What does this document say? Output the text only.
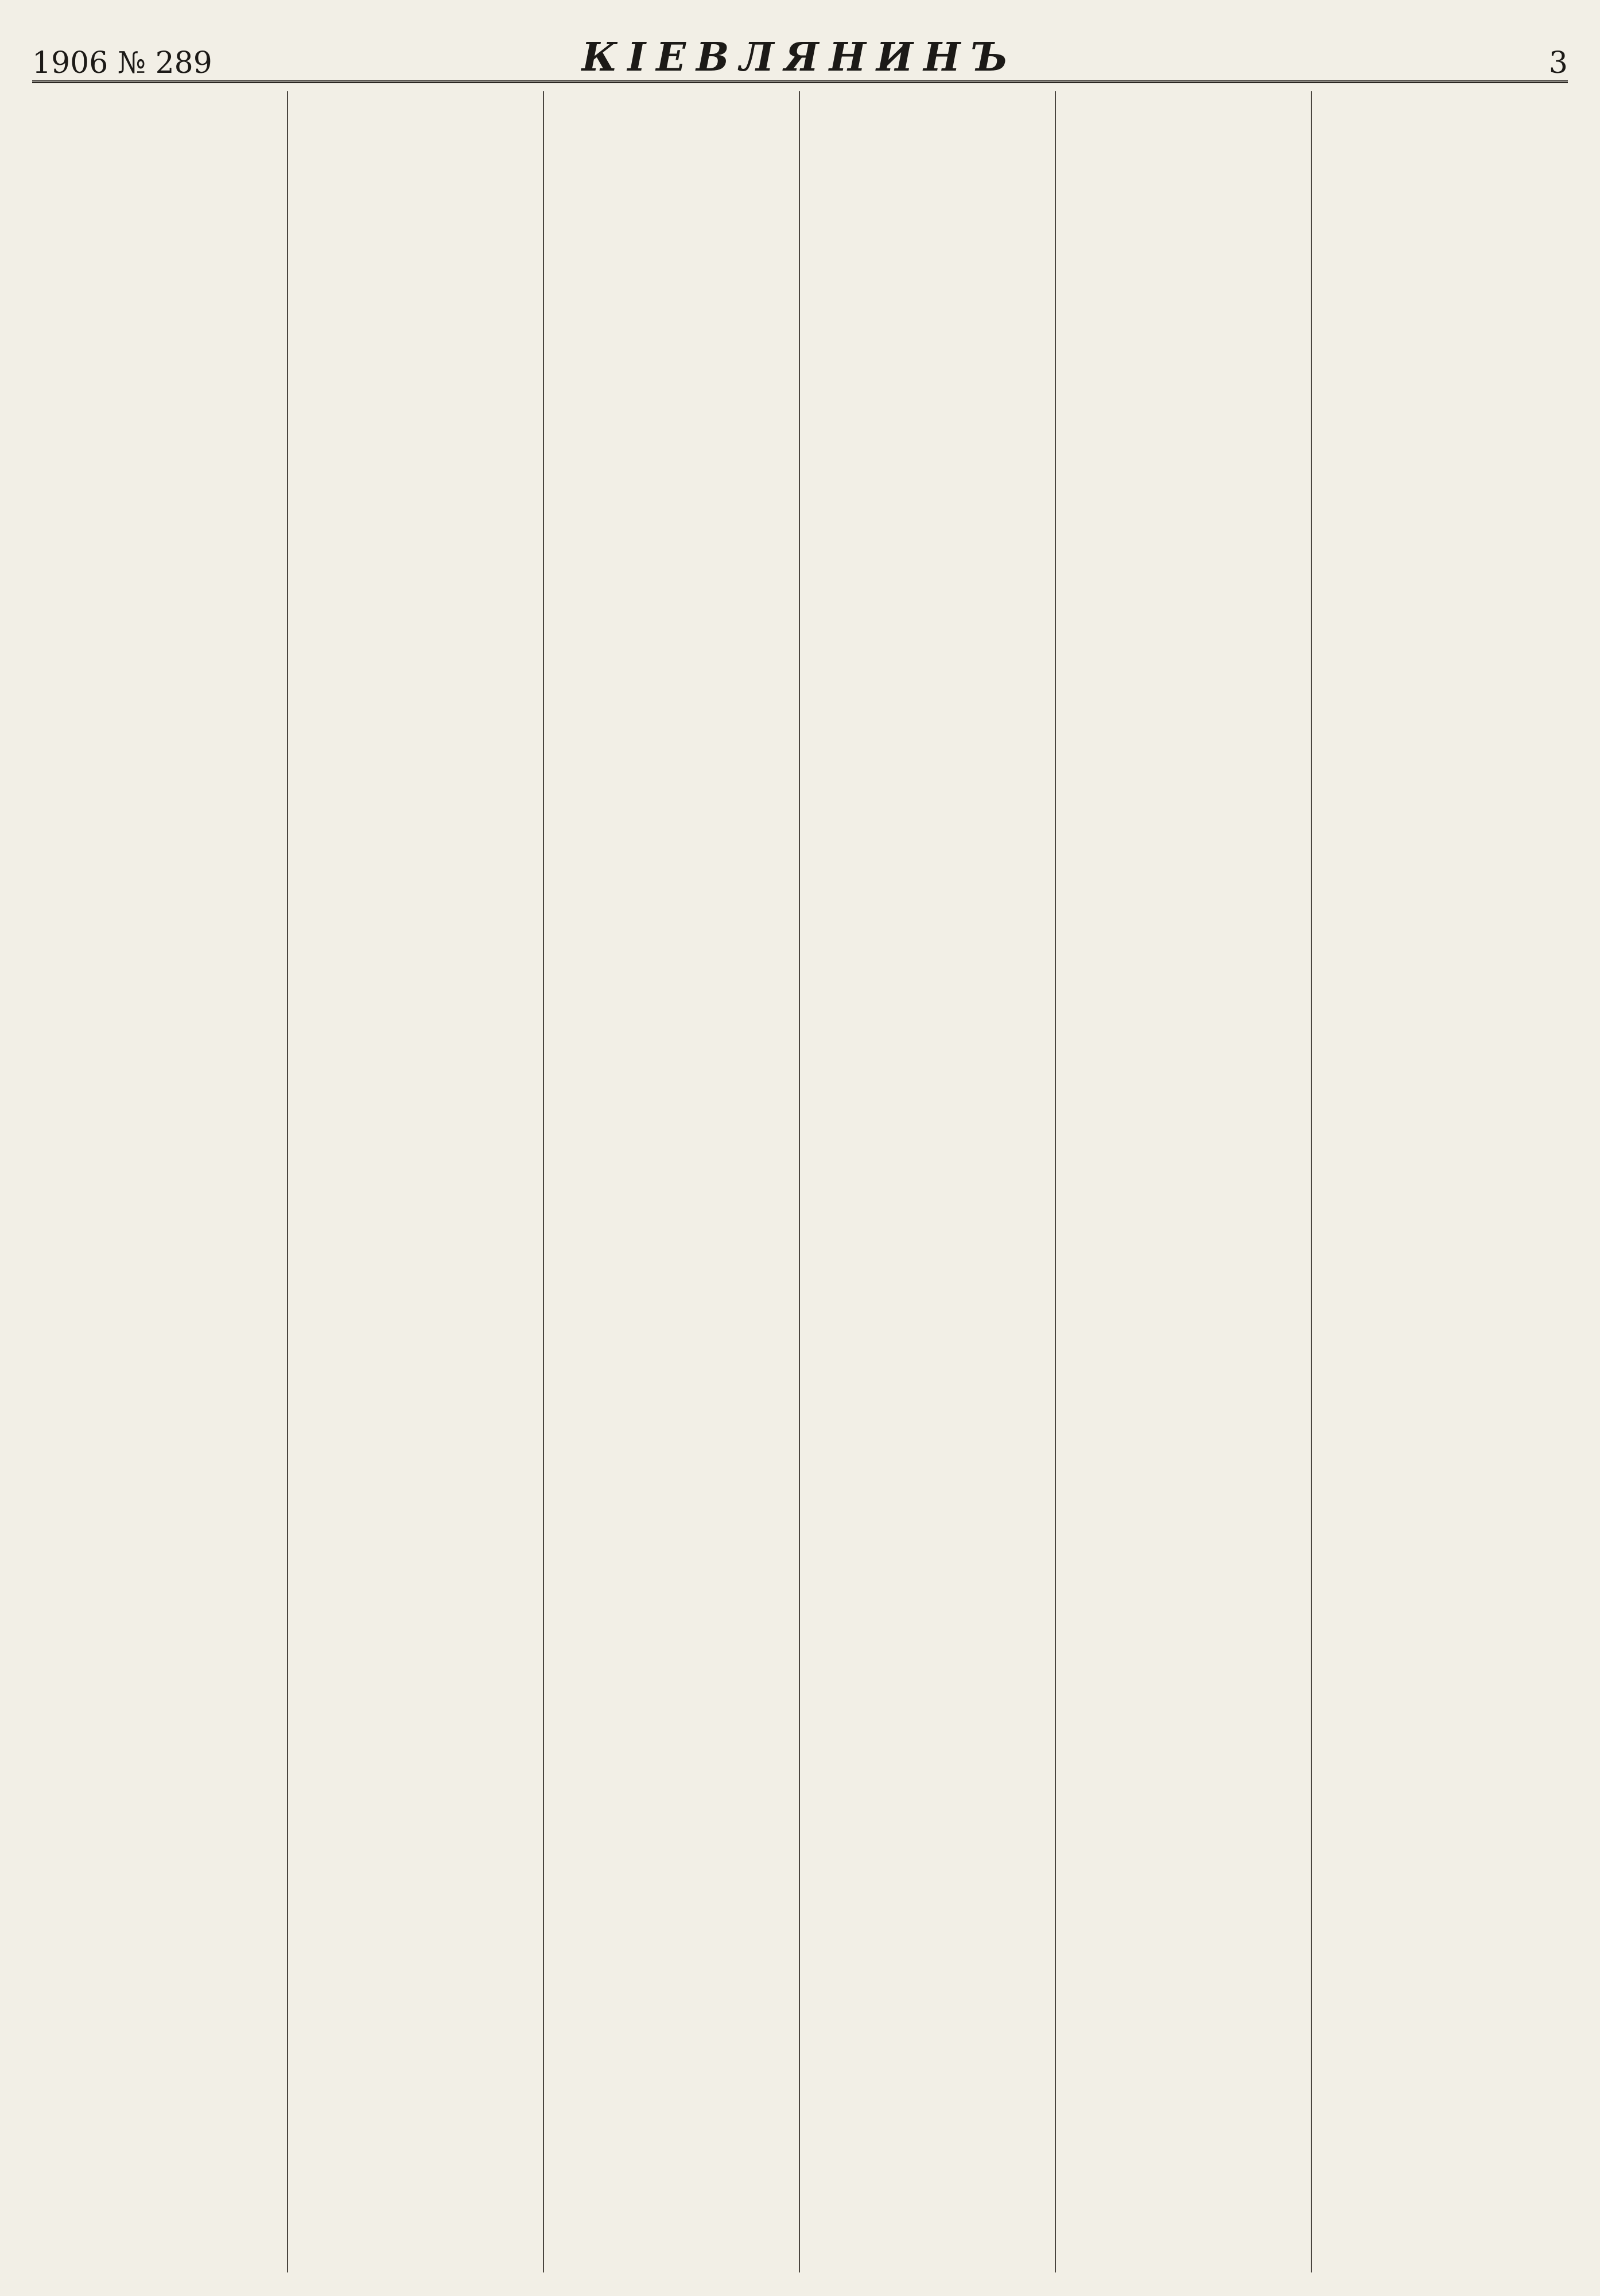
1906 № 289	КІЕВЛЯНИНЪ	3
